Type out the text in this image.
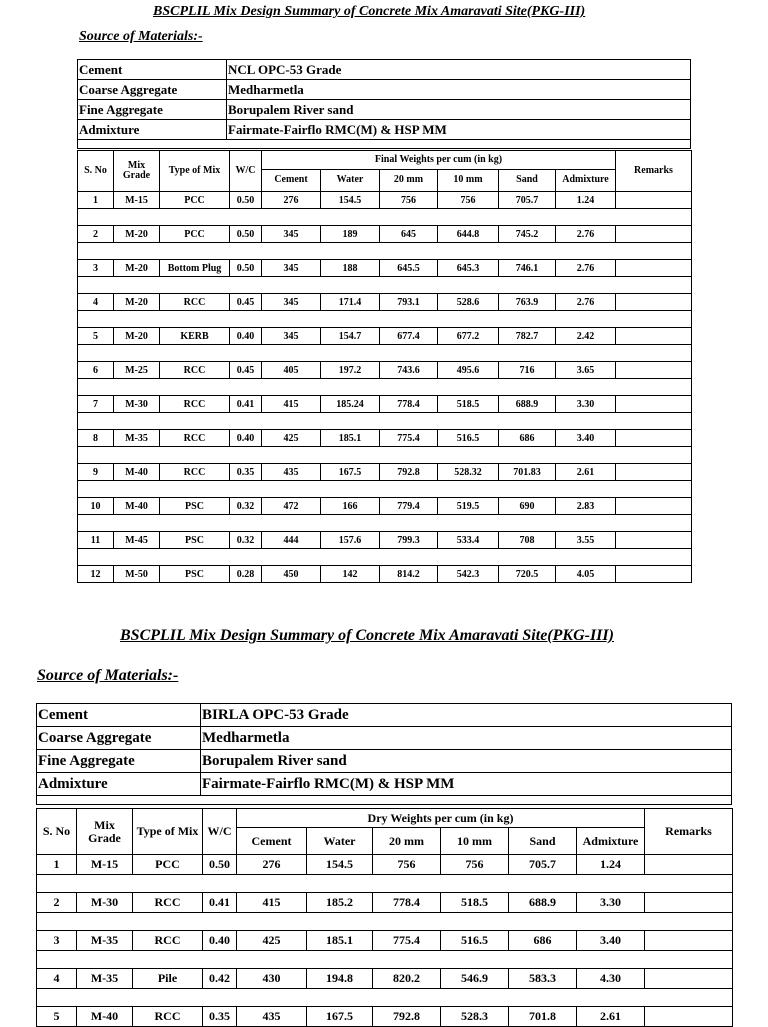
BSCPLIL Mix Design Summary of Concrete Mix Amaravati Site(PKG-III)
Source of Materials:-
Cement	NCL OPC-53 Grade
Coarse Aggregate	Medharmetla
Fine Aggregate	Borupalem River sand
Admixture	Fairmate-Fairflo RMC(M) & HSP MM

S. No	Mix Grade	Type of Mix	W/C	Final Weights per cum (in kg)						Remarks
				Cement	Water	20 mm	10 mm	Sand	Admixture	
1	M-15	PCC	0.50	276	154.5	756	756	705.7	1.24	

2	M-20	PCC	0.50	345	189	645	644.8	745.2	2.76	

3	M-20	Bottom Plug	0.50	345	188	645.5	645.3	746.1	2.76	

4	M-20	RCC	0.45	345	171.4	793.1	528.6	763.9	2.76	

5	M-20	KERB	0.40	345	154.7	677.4	677.2	782.7	2.42	

6	M-25	RCC	0.45	405	197.2	743.6	495.6	716	3.65	

7	M-30	RCC	0.41	415	185.24	778.4	518.5	688.9	3.30	

8	M-35	RCC	0.40	425	185.1	775.4	516.5	686	3.40	

9	M-40	RCC	0.35	435	167.5	792.8	528.32	701.83	2.61	

10	M-40	PSC	0.32	472	166	779.4	519.5	690	2.83	

11	M-45	PSC	0.32	444	157.6	799.3	533.4	708	3.55	

12	M-50	PSC	0.28	450	142	814.2	542.3	720.5	4.05	
BSCPLIL Mix Design Summary of Concrete Mix Amaravati Site(PKG-III)
Source of Materials:-
Cement	BIRLA OPC-53 Grade
Coarse Aggregate	Medharmetla
Fine Aggregate	Borupalem River sand
Admixture	Fairmate-Fairflo RMC(M) & HSP MM

S. No	Mix Grade	Type of Mix	W/C	Dry Weights per cum (in kg)						Remarks
				Cement	Water	20 mm	10 mm	Sand	Admixture	
1	M-15	PCC	0.50	276	154.5	756	756	705.7	1.24	

2	M-30	RCC	0.41	415	185.2	778.4	518.5	688.9	3.30	

3	M-35	RCC	0.40	425	185.1	775.4	516.5	686	3.40	

4	M-35	Pile	0.42	430	194.8	820.2	546.9	583.3	4.30	

5	M-40	RCC	0.35	435	167.5	792.8	528.3	701.8	2.61	
